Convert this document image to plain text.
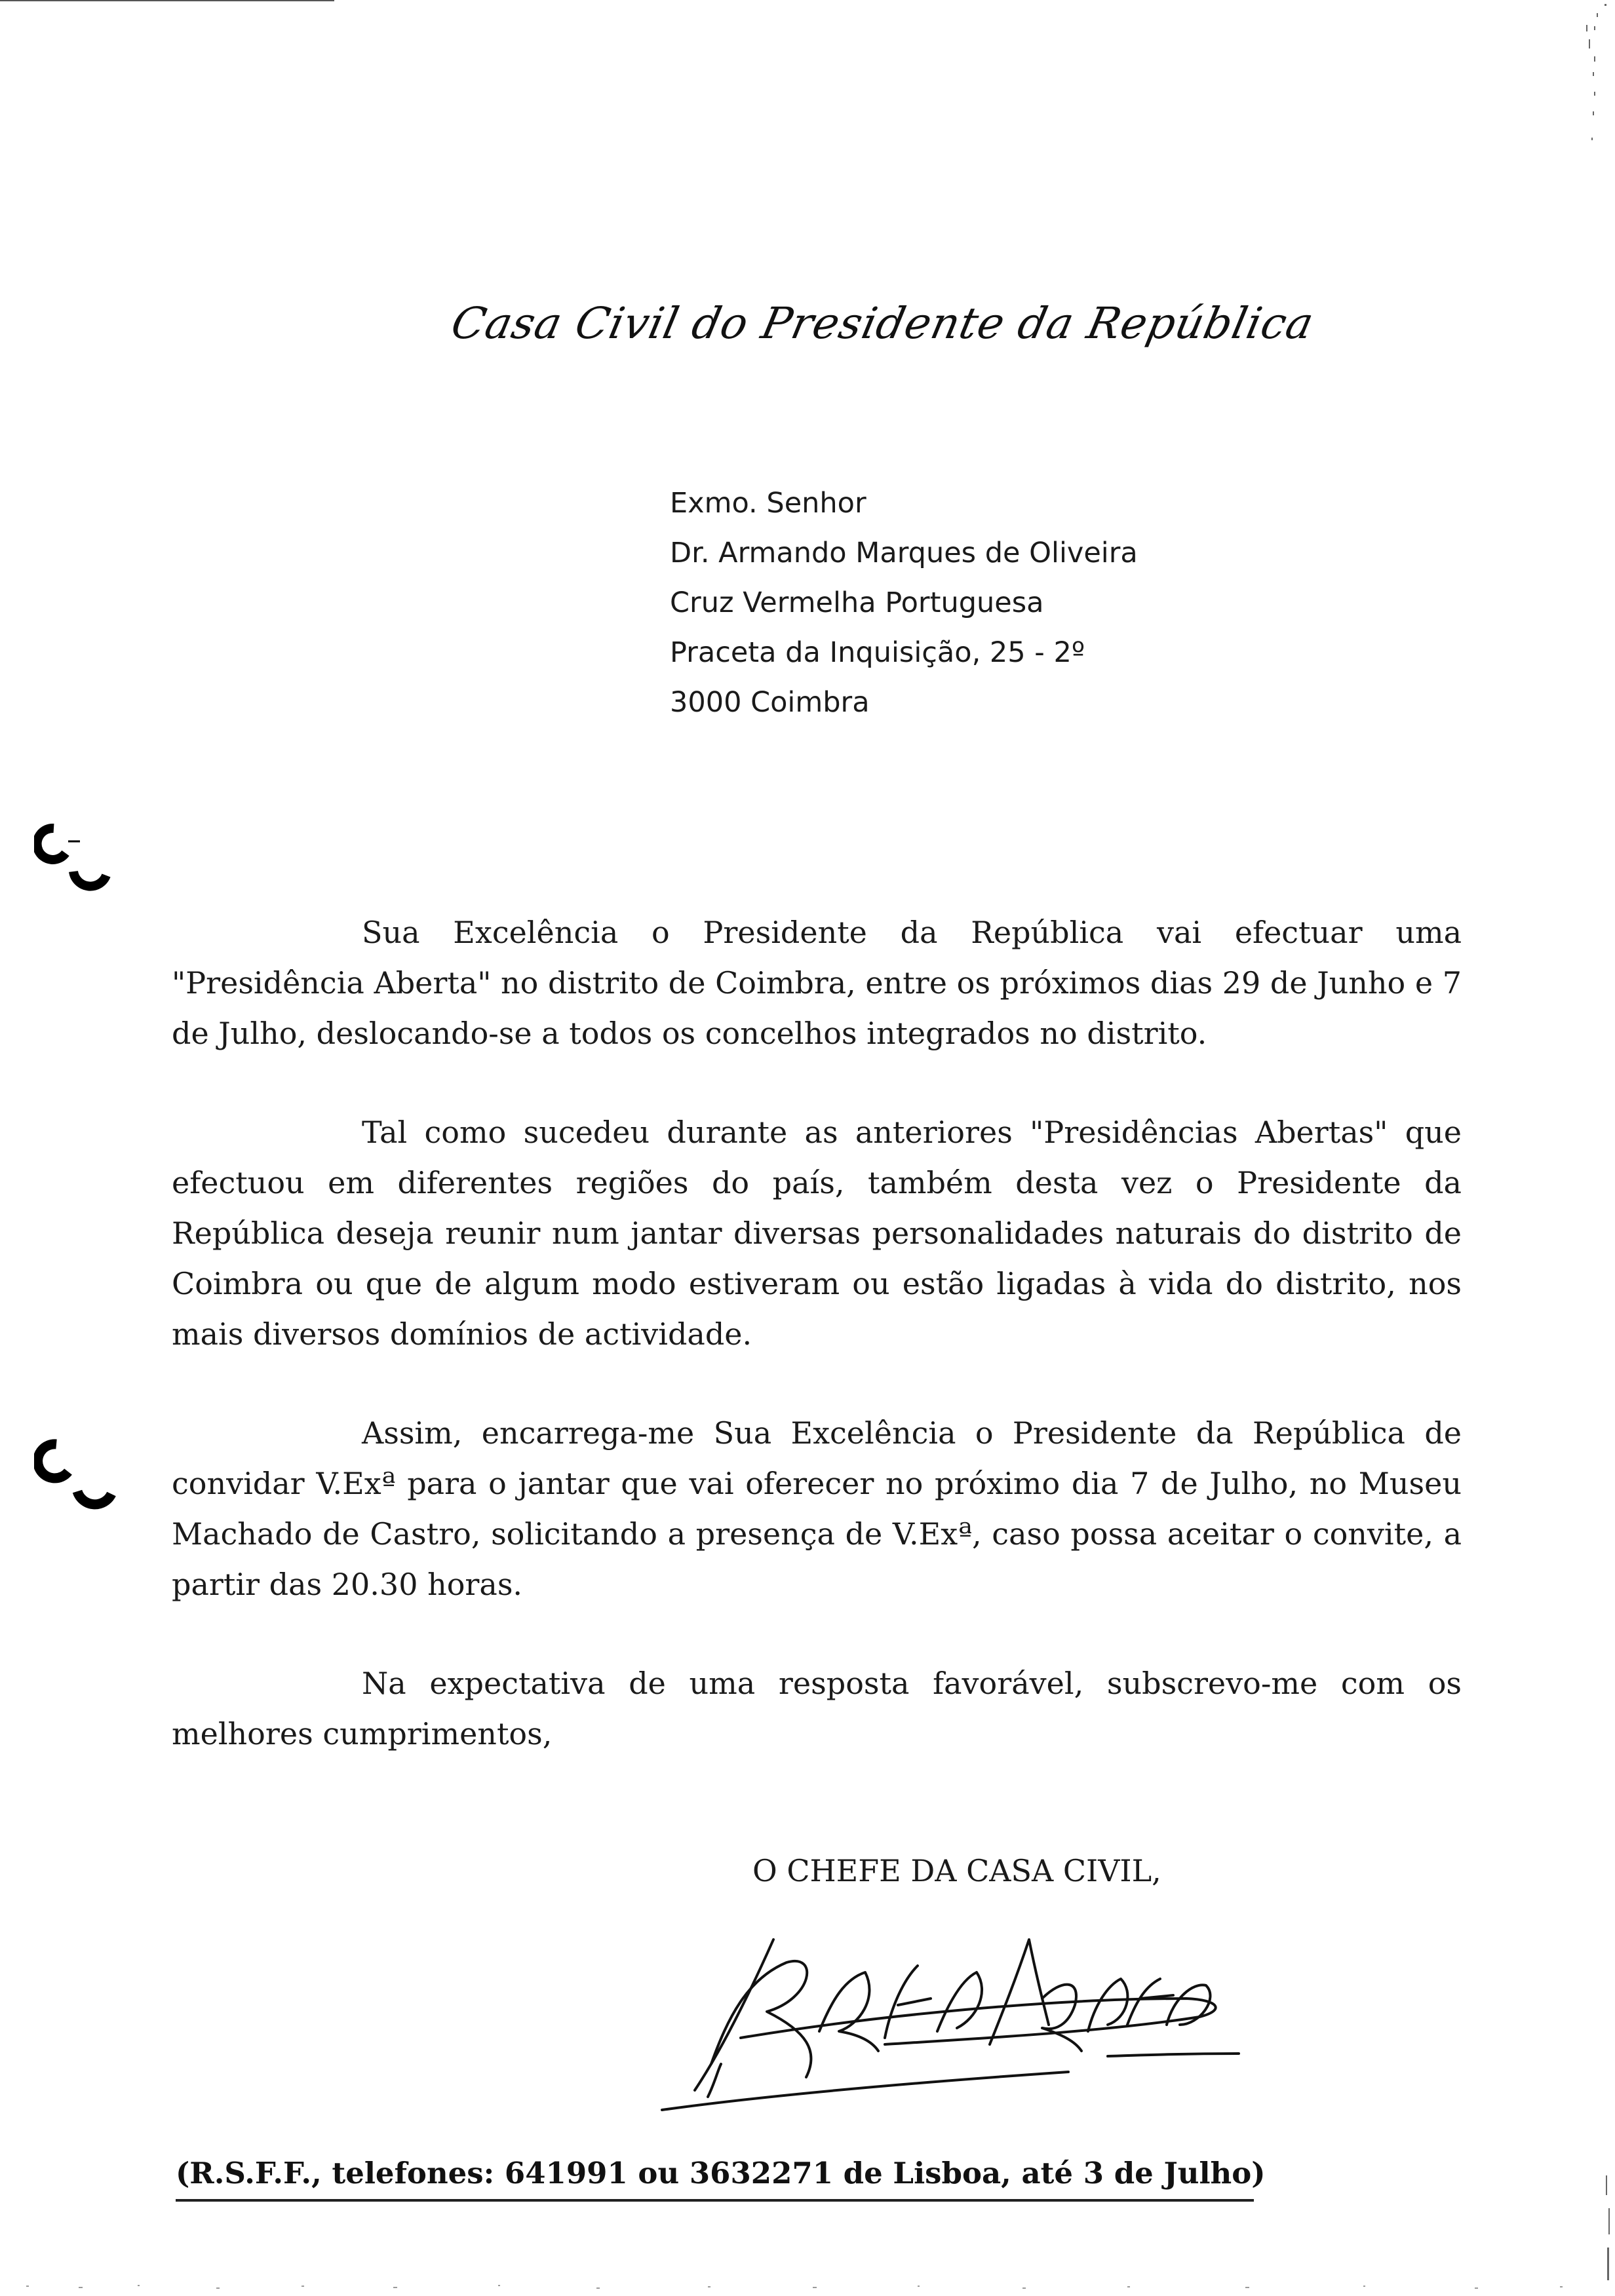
Casa Civil do Presidente da República
Exmo. Senhor
Dr. Armando Marques de Oliveira
Cruz Vermelha Portuguesa
Praceta da Inquisição, 25 - 2º
3000 Coimbra

Sua Excelência o Presidente da República vai efectuar uma "Presidência Aberta" no distrito de Coimbra, entre os próximos dias 29 de Junho e 7 de Julho, deslocando-se a todos os concelhos integrados no distrito.

Tal como sucedeu durante as anteriores "Presidências Abertas" que efectuou em diferentes regiões do país, também desta vez o Presidente da República deseja reunir num jantar diversas personalidades naturais do distrito de Coimbra ou que de algum modo estiveram ou estão ligadas à vida do distrito, nos mais diversos domínios de actividade.

Assim, encarrega-me Sua Excelência o Presidente da República de convidar V.Exª para o jantar que vai oferecer no próximo dia 7 de Julho, no Museu Machado de Castro, solicitando a presença de V.Exª, caso possa aceitar o convite, a partir das 20.30 horas.

Na expectativa de uma resposta favorável, subscrevo-me com os melhores cumprimentos,

O CHEFE DA CASA CIVIL,
(R.S.F.F., telefones: 641991 ou 3632271 de Lisboa, até 3 de Julho)
